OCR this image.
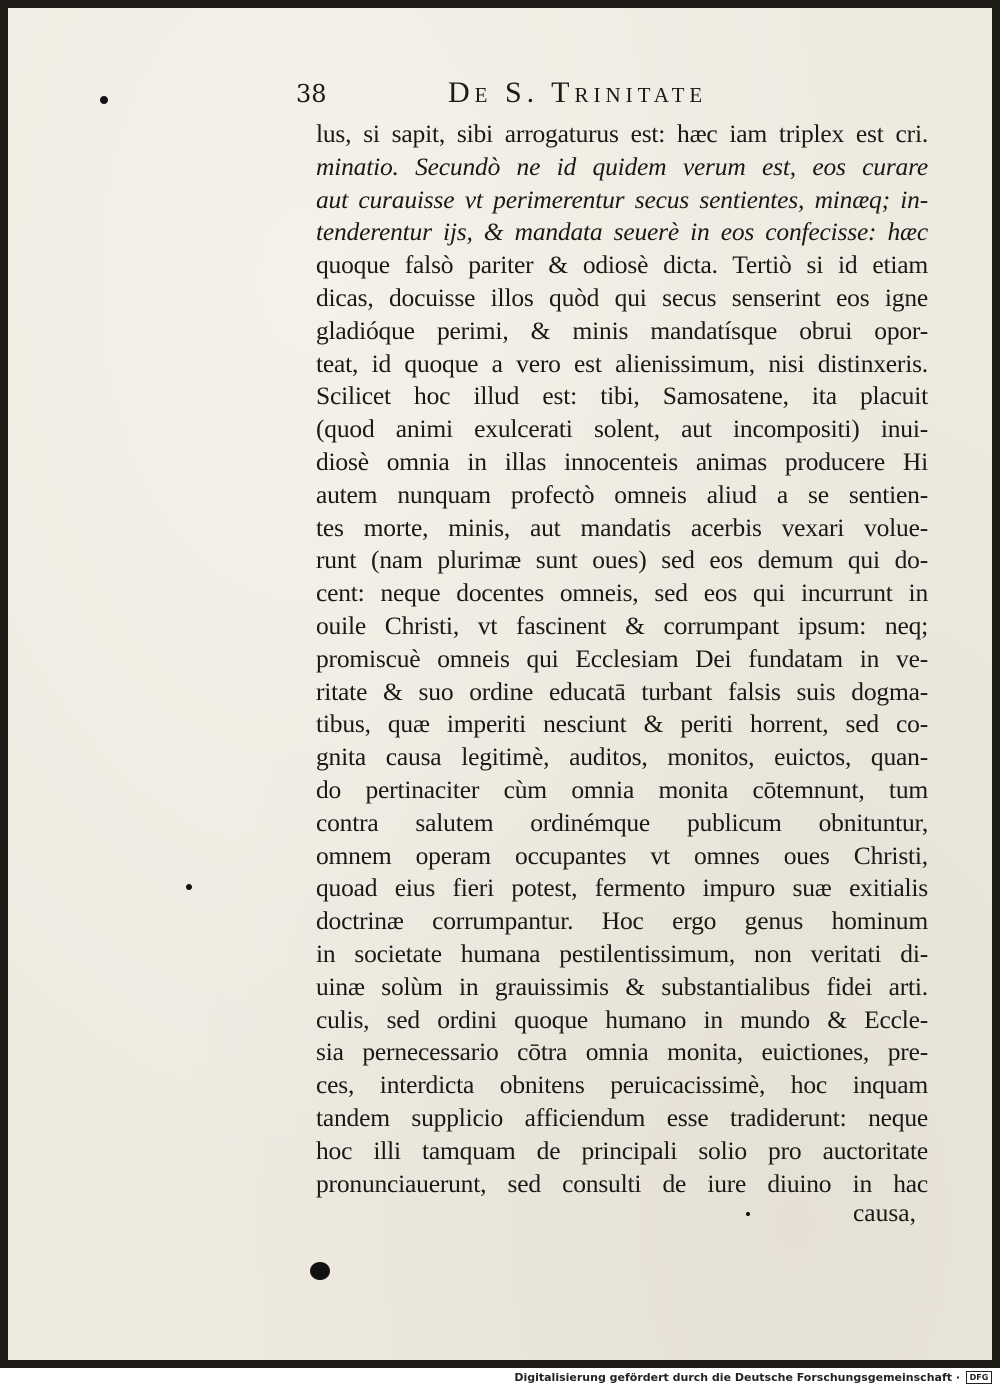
38	De S. Trinitate
lus, si sapit, sibi arrogaturus est: hæc iam triplex est cri.
minatio. Secundò ne id quidem verum est, eos curare
aut curauisse vt perimerentur secus sentientes, minæq; in-
tenderentur ijs, & mandata seuerè in eos confecisse: hæc
quoque falsò pariter & odiosè dicta. Tertiò si id etiam
dicas, docuisse illos quòd qui secus senserint eos igne
gladióque perimi, & minis mandatísque obrui opor-
teat, id quoque a vero est alienissimum, nisi distinxeris.
Scilicet hoc illud est: tibi, Samosatene, ita placuit
(quod animi exulcerati solent, aut incompositi) inui-
diosè omnia in illas innocenteis animas producere Hi
autem nunquam profectò omneis aliud a se sentien-
tes morte, minis, aut mandatis acerbis vexari volue-
runt (nam plurimæ sunt oues) sed eos demum qui do-
cent: neque docentes omneis, sed eos qui incurrunt in
ouile Christi, vt fascinent & corrumpant ipsum: neq;
promiscuè omneis qui Ecclesiam Dei fundatam in ve-
ritate & suo ordine educatā turbant falsis suis dogma-
tibus, quæ imperiti nesciunt & periti horrent, sed co-
gnita causa legitimè, auditos, monitos, euictos, quan-
do pertinaciter cùm omnia monita cōtemnunt, tum
contra salutem ordinémque publicum obnituntur,
omnem operam occupantes vt omnes oues Christi,
quoad eius fieri potest, fermento impuro suæ exitialis
doctrinæ corrumpantur. Hoc ergo genus hominum
in societate humana pestilentissimum, non veritati di-
uinæ solùm in grauissimis & substantialibus fidei arti.
culis, sed ordini quoque humano in mundo & Eccle-
sia pernecessario cōtra omnia monita, euictiones, pre-
ces, interdicta obnitens peruicacissimè, hoc inquam
tandem supplicio afficiendum esse tradiderunt: neque
hoc illi tamquam de principali solio pro auctoritate
pronunciauerunt, sed consulti de iure diuino in hac
causa,
Digitalisierung gefördert durch die Deutsche Forschungsgemeinschaft ·	DFG
